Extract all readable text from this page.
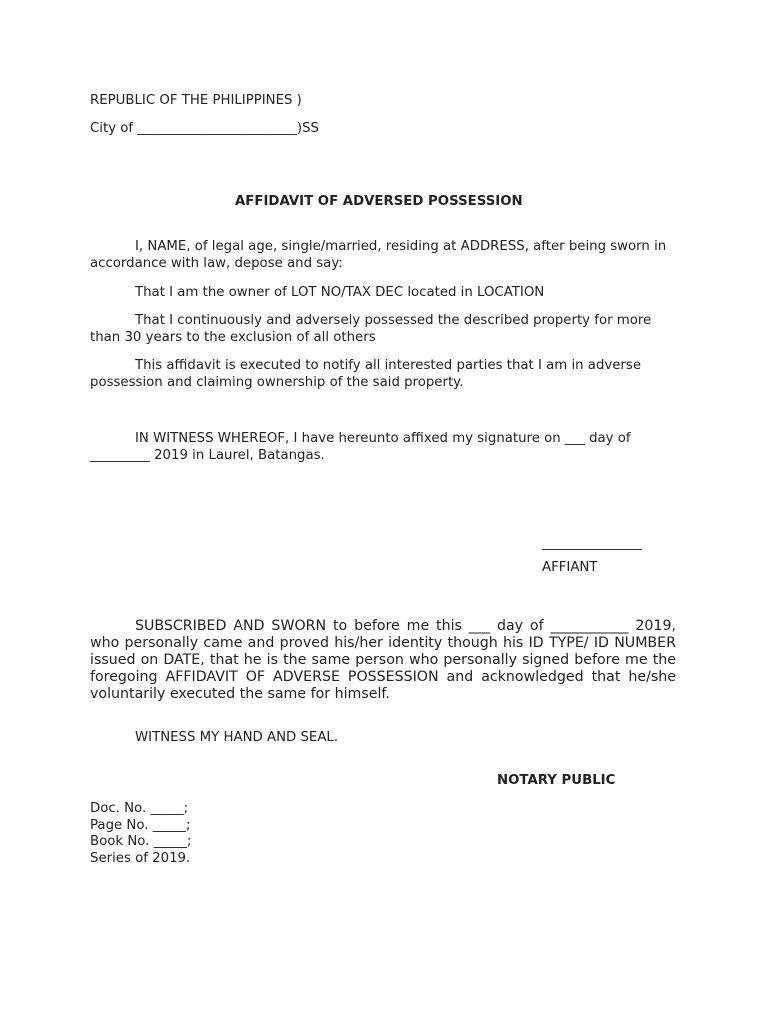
REPUBLIC OF THE PHILIPPINES )
City of ________________________)SS
AFFIDAVIT OF ADVERSED POSSESSION
I, NAME, of legal age, single/married, residing at ADDRESS, after being sworn in accordance with law, depose and say:
That I am the owner of LOT NO/TAX DEC located in LOCATION
That I continuously and adversely possessed the described property for more than 30 years to the exclusion of all others
This affidavit is executed to notify all interested parties that I am in adverse possession and claiming ownership of the said property.
IN WITNESS WHEREOF, I have hereunto affixed my signature on ___ day of _________ 2019 in Laurel, Batangas.
_______________
AFFIANT
SUBSCRIBED AND SWORN to before me this ___ day of ___________ 2019, who personally came and proved his/her identity though his ID TYPE/ ID NUMBER issued on DATE, that he is the same person who personally signed before me the foregoing AFFIDAVIT OF ADVERSE POSSESSION and acknowledged that he/she voluntarily executed the same for himself.
WITNESS MY HAND AND SEAL.
NOTARY PUBLIC
Doc. No. _____;
Page No. _____;
Book No. _____;
Series of 2019.
